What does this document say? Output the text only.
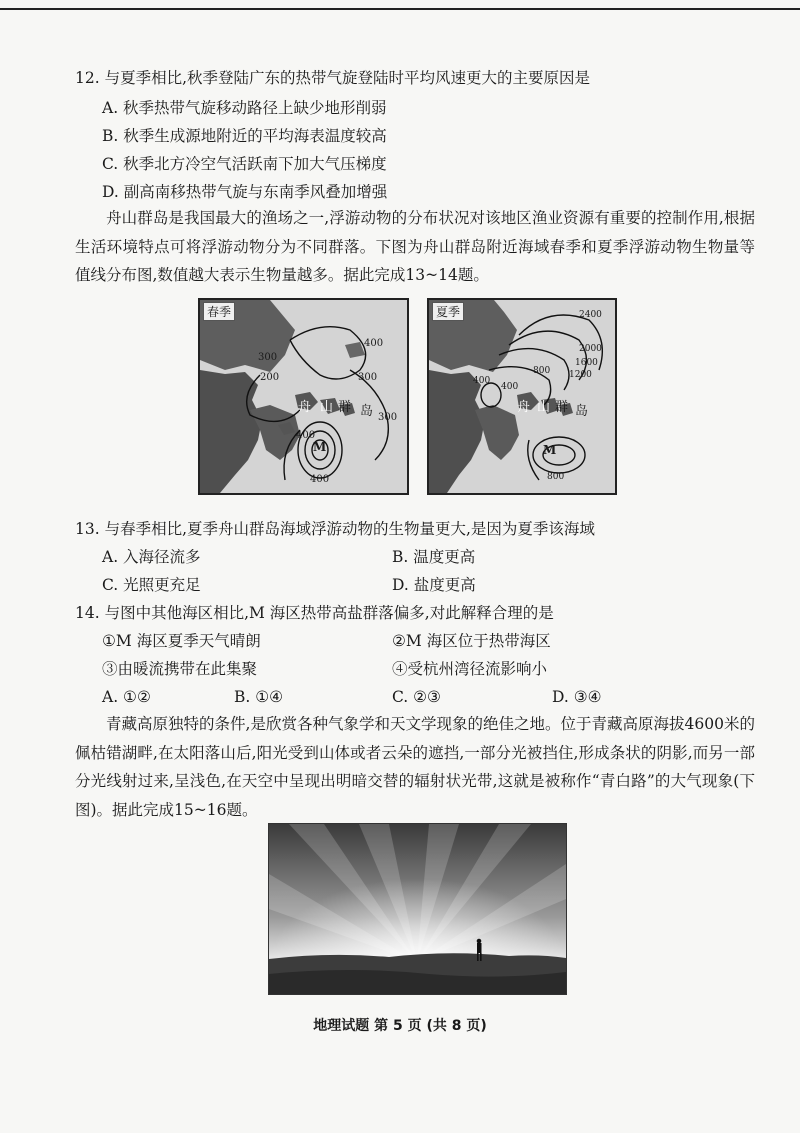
12. 与夏季相比,秋季登陆广东的热带气旋登陆时平均风速更大的主要原因是
A. 秋季热带气旋移动路径上缺少地形削弱
B. 秋季生成源地附近的平均海表温度较高
C. 秋季北方冷空气活跃南下加大气压梯度
D. 副高南移热带气旋与东南季风叠加增强
舟山群岛是我国最大的渔场之一,浮游动物的分布状况对该地区渔业资源有重要的控制作用,根据生活环境特点可将浮游动物分为不同群落。下图为舟山群岛附近海域春季和夏季浮游动物生物量等值线分布图,数值越大表示生物量越多。据此完成13~14题。
春季
300
400
200	300
300
400
400
舟 山 群 岛
M
夏季	2400
2000
1600
1200
800
400
400
800
舟 山 群 岛
M
13. 与春季相比,夏季舟山群岛海域浮游动物的生物量更大,是因为夏季该海域
A. 入海径流多	B. 温度更高
C. 光照更充足	D. 盐度更高
14. 与图中其他海区相比,M 海区热带高盐群落偏多,对此解释合理的是
①M 海区夏季天气晴朗	②M 海区位于热带海区
③由暖流携带在此集聚	④受杭州湾径流影响小
A. ①②	B. ①④	C. ②③	D. ③④
青藏高原独特的条件,是欣赏各种气象学和天文学现象的绝佳之地。位于青藏高原海拔4600米的佩枯错湖畔,在太阳落山后,阳光受到山体或者云朵的遮挡,一部分光被挡住,形成条状的阴影,而另一部分光线射过来,呈浅色,在天空中呈现出明暗交替的辐射状光带,这就是被称作“青白路”的大气现象(下图)。据此完成15~16题。
地理试题 第 5 页 (共 8 页)
